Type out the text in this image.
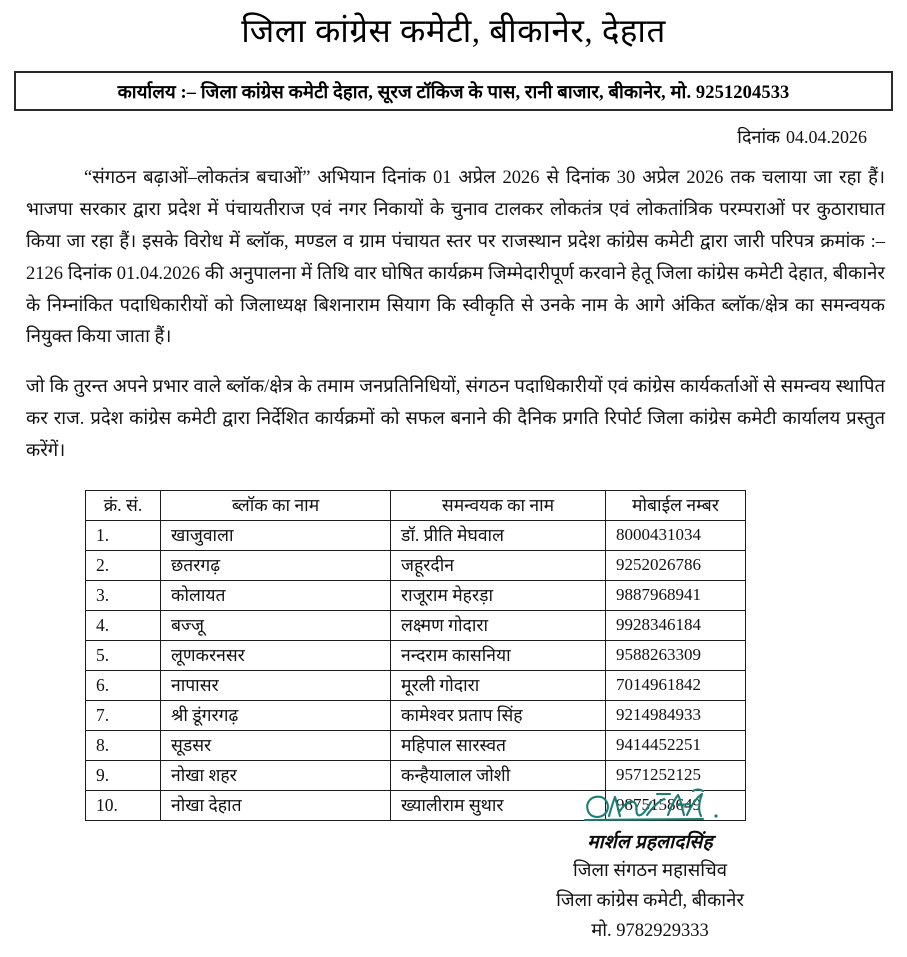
जिला कांग्रेस कमेटी, बीकानेर, देहात
कार्यालय :– जिला कांग्रेस कमेटी देहात, सूरज टॉकिज के पास, रानी बाजार, बीकानेर, मो. 9251204533
दिनांक 04.04.2026

“संगठन बढ़ाओं–लोकतंत्र बचाओं” अभियान दिनांक 01 अप्रेल 2026 से दिनांक 30 अप्रेल 2026 तक चलाया जा रहा हैं। भाजपा सरकार द्वारा प्रदेश में पंचायतीराज एवं नगर निकायों के चुनाव टालकर लोकतंत्र एवं लोकतांत्रिक परम्पराओं पर कुठाराघात किया जा रहा हैं। इसके विरोध में ब्लॉक, मण्डल व ग्राम पंचायत स्तर पर राजस्थान प्रदेश कांग्रेस कमेटी द्वारा जारी परिपत्र क्रमांक :– 2126 दिनांक 01.04.2026 की अनुपालना में तिथि वार घोषित कार्यक्रम जिम्मेदारीपूर्ण करवाने हेतू जिला कांग्रेस कमेटी देहात, बीकानेर के निम्नांकित पदाधिकारीयों को जिलाध्यक्ष बिशनाराम सियाग कि स्वीकृति से उनके नाम के आगे अंकित ब्लॉक/क्षेत्र का समन्वयक नियुक्त किया जाता हैं।

जो कि तुरन्त अपने प्रभार वाले ब्लॉक/क्षेत्र के तमाम जनप्रतिनिधियों, संगठन पदाधिकारीयों एवं कांग्रेस कार्यकर्ताओं से समन्वय स्थापित कर राज. प्रदेश कांग्रेस कमेटी द्वारा निर्देशित कार्यक्रमों को सफल बनाने की दैनिक प्रगति रिपोर्ट जिला कांग्रेस कमेटी कार्यालय प्रस्तुत करेंगें।

क्रं. सं.	ब्लॉक का नाम	समन्वयक का नाम	मोबाईल नम्बर
1.	खाजुवाला	डॉ. प्रीति मेघवाल	8000431034
2.	छतरगढ़	जहूरदीन	9252026786
3.	कोलायत	राजूराम मेहरड़ा	9887968941
4.	बज्जू	लक्ष्मण गोदारा	9928346184
5.	लूणकरनसर	नन्दराम कासनिया	9588263309
6.	नापासर	मूरली गोदारा	7014961842
7.	श्री डूंगरगढ़	कामेश्वर प्रताप सिंह	9214984933
8.	सूडसर	महिपाल सारस्वत	9414452251
9.	नोखा शहर	कन्हैयालाल जोशी	9571252125
10.	नोखा देहात	ख्यालीराम सुथार	9875158649
मार्शल प्रहलादसिंह
जिला संगठन महासचिव
जिला कांग्रेस कमेटी, बीकानेर
मो. 9782929333
